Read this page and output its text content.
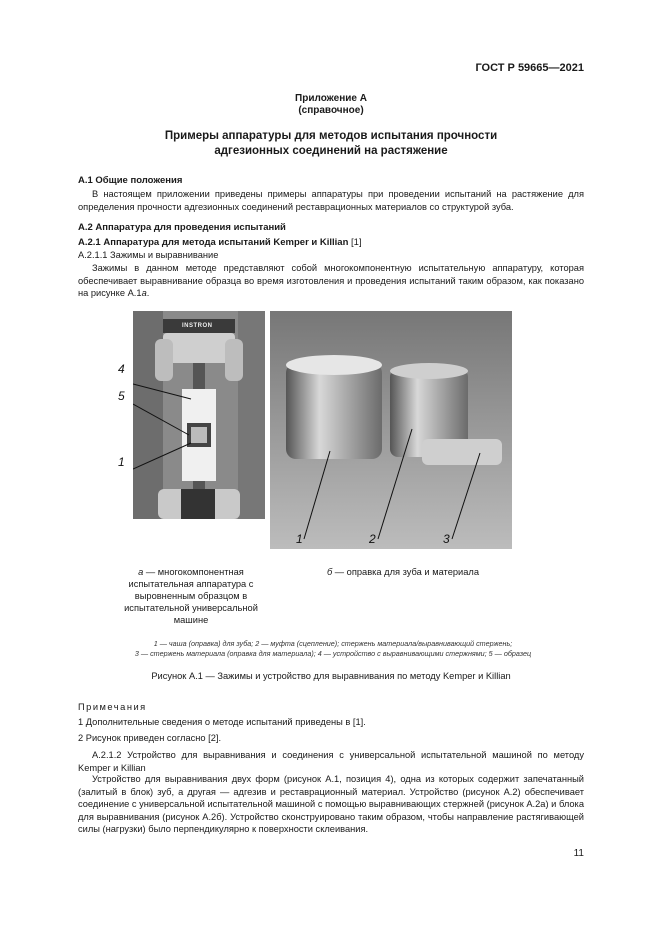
ГОСТ Р 59665—2021
Приложение А
(справочное)
Примеры аппаратуры для методов испытания прочности
адгезионных соединений на растяжение
А.1 Общие положения
В настоящем приложении приведены примеры аппаратуры при проведении испытаний на растяжение для определения прочности адгезионных соединений реставрационных материалов со структурой зуба.
А.2 Аппаратура для проведения испытаний
А.2.1 Аппаратура для метода испытаний Kemper и Killian [1]
А.2.1.1 Зажимы и выравнивание
Зажимы в данном методе представляют собой многокомпонентную испытательную аппаратуру, которая обеспечивает выравнивание образца во время изготовления и проведения испытаний таким образом, как показано на рисунке А.1а.
INSTRON
4
5
1
1	2	3
а — многокомпонентная испытательная аппаратура с выровненным образцом в испытательной универсальной машине
б — оправка для зуба и материала
1 — чаша (оправка) для зуба; 2 — муфта (сцепление); стержень материала/выравнивающий стержень;
3 — стержень материала (оправка для материала); 4 — устройство с выравнивающими стержнями; 5 — образец
Рисунок А.1 — Зажимы и устройство для выравнивания по методу Kemper и Killian
Примечания
1 Дополнительные сведения о методе испытаний приведены в [1].
2 Рисунок приведен согласно [2].
А.2.1.2 Устройство для выравнивания и соединения с универсальной испытательной машиной по методу Kemper и Killian
Устройство для выравнивания двух форм (рисунок А.1, позиция 4), одна из которых содержит запечатанный (залитый в блок) зуб, а другая — адгезив и реставрационный материал. Устройство (рисунок А.2) обеспечивает соединение с универсальной испытательной машиной с помощью выравнивающих стержней (рисунок А.2а) и блока для выравнивания (рисунок А.2б). Устройство сконструировано таким образом, чтобы направление растягивающей силы (нагрузки) было перпендикулярно к поверхности склеивания.
11
